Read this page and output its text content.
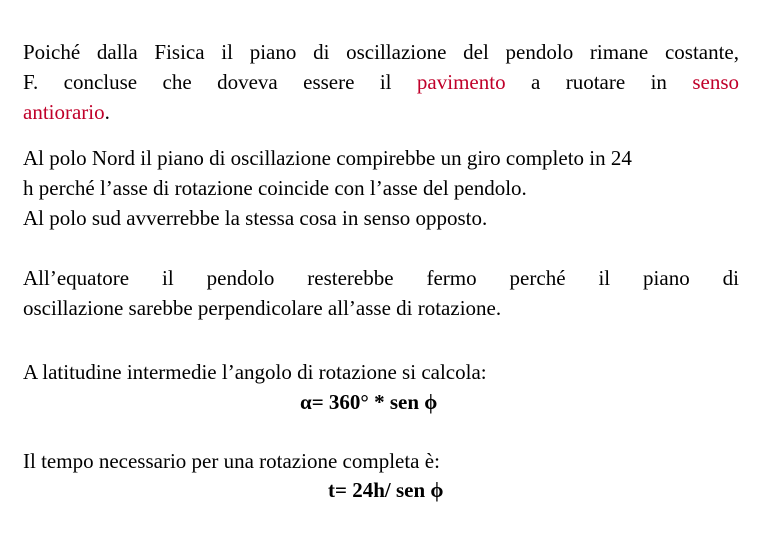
Poiché dalla Fisica il piano di oscillazione del pendolo rimane costante,
F. concluse che doveva essere il pavimento a ruotare in senso
antiorario.
Al polo Nord il piano di oscillazione compirebbe un giro completo in 24
h perché l’asse di rotazione coincide con l’asse del pendolo.
Al polo sud avverrebbe la stessa cosa in senso opposto.
All’equatore il pendolo resterebbe fermo perché il piano di
oscillazione sarebbe perpendicolare all’asse di rotazione.
A latitudine intermedie l’angolo di rotazione si calcola:
α= 360° * sen ϕ
Il tempo necessario per una rotazione completa è:
t= 24h/ sen ϕ
